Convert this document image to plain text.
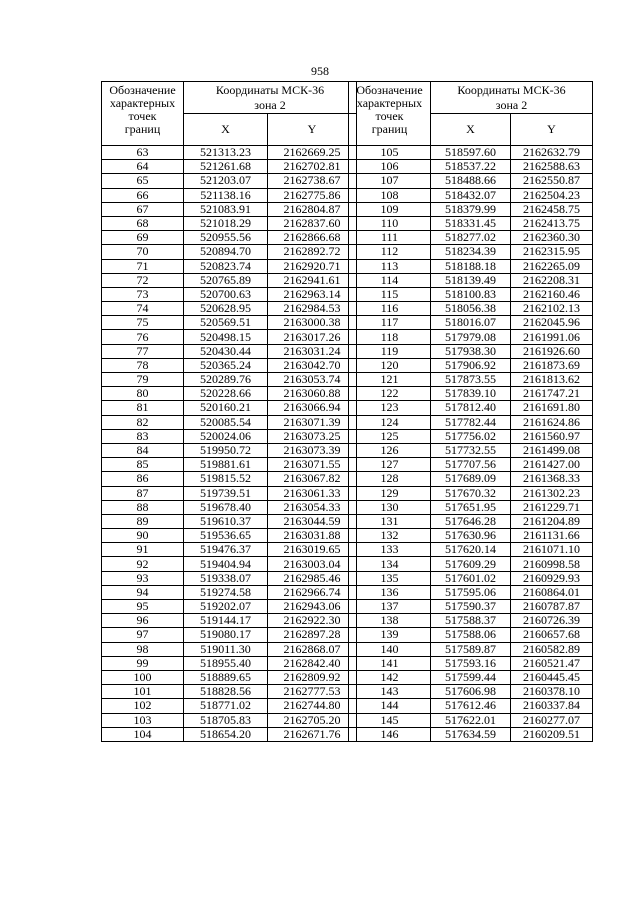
958
Обозначение
характерных
точек
границ	Координаты МСК-36
зона 2	

	X	Y
63	521313.23	2162669.25
64	521261.68	2162702.81
65	521203.07	2162738.67
66	521138.16	2162775.86
67	521083.91	2162804.87
68	521018.29	2162837.60
69	520955.56	2162866.68
70	520894.70	2162892.72
71	520823.74	2162920.71
72	520765.89	2162941.61
73	520700.63	2162963.14
74	520628.95	2162984.53
75	520569.51	2163000.38
76	520498.15	2163017.26
77	520430.44	2163031.24
78	520365.24	2163042.70
79	520289.76	2163053.74
80	520228.66	2163060.88
81	520160.21	2163066.94
82	520085.54	2163071.39
83	520024.06	2163073.25
84	519950.72	2163073.39
85	519881.61	2163071.55
86	519815.52	2163067.82
87	519739.51	2163061.33
88	519678.40	2163054.33
89	519610.37	2163044.59
90	519536.65	2163031.88
91	519476.37	2163019.65
92	519404.94	2163003.04
93	519338.07	2162985.46
94	519274.58	2162966.74
95	519202.07	2162943.06
96	519144.17	2162922.30
97	519080.17	2162897.28
98	519011.30	2162868.07
99	518955.40	2162842.40
100	518889.65	2162809.92
101	518828.56	2162777.53
102	518771.02	2162744.80
103	518705.83	2162705.20
104	518654.20	2162671.76
Обозначение
характерных
точек
границ	Координаты МСК-36
зона 2	

	X	Y
105	518597.60	2162632.79
106	518537.22	2162588.63
107	518488.66	2162550.87
108	518432.07	2162504.23
109	518379.99	2162458.75
110	518331.45	2162413.75
111	518277.02	2162360.30
112	518234.39	2162315.95
113	518188.18	2162265.09
114	518139.49	2162208.31
115	518100.83	2162160.46
116	518056.38	2162102.13
117	518016.07	2162045.96
118	517979.08	2161991.06
119	517938.30	2161926.60
120	517906.92	2161873.69
121	517873.55	2161813.62
122	517839.10	2161747.21
123	517812.40	2161691.80
124	517782.44	2161624.86
125	517756.02	2161560.97
126	517732.55	2161499.08
127	517707.56	2161427.00
128	517689.09	2161368.33
129	517670.32	2161302.23
130	517651.95	2161229.71
131	517646.28	2161204.89
132	517630.96	2161131.66
133	517620.14	2161071.10
134	517609.29	2160998.58
135	517601.02	2160929.93
136	517595.06	2160864.01
137	517590.37	2160787.87
138	517588.37	2160726.39
139	517588.06	2160657.68
140	517589.87	2160582.89
141	517593.16	2160521.47
142	517599.44	2160445.45
143	517606.98	2160378.10
144	517612.46	2160337.84
145	517622.01	2160277.07
146	517634.59	2160209.51
